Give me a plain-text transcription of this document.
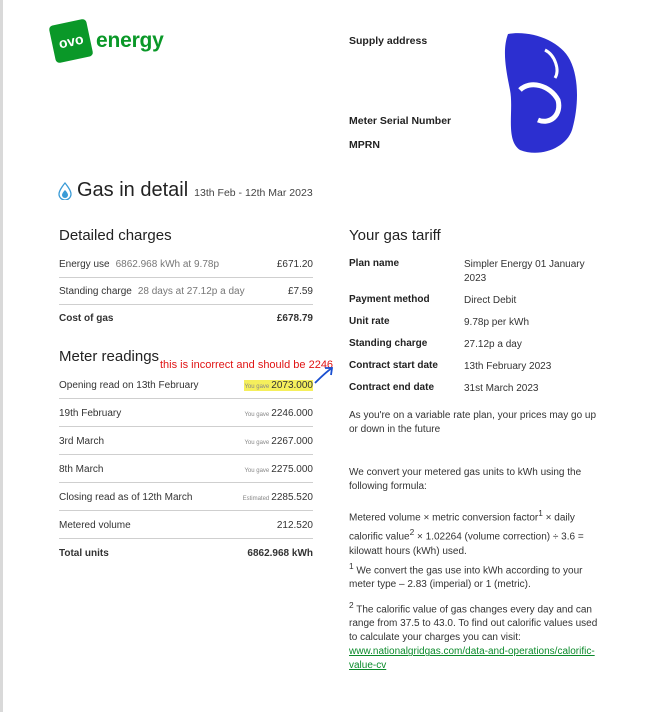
ovo energy	Supply address
Meter Serial Number
MPRN
Gas in detail 13th Feb - 12th Mar 2023
Detailed charges
Energy use 6862.968 kWh at 9.78p	£671.20
Standing charge 28 days at 27.12p a day	£7.59
Cost of gas	£678.79
Meter readings this is incorrect and should be 2246
Opening read on 13th February	You gave 2073.000
19th February	You gave 2246.000
3rd March	You gave 2267.000
8th March	You gave 2275.000
Closing read as of 12th March	Estimated 2285.520
Metered volume	212.520
Total units	6862.968 kWh
Your gas tariff
Plan name	Simpler Energy 01 January 2023
Payment method	Direct Debit
Unit rate	9.78p per kWh
Standing charge	27.12p a day
Contract start date	13th February 2023
Contract end date	31st March 2023
As you're on a variable rate plan, your prices may go up or down in the future
We convert your metered gas units to kWh using the following formula:
Metered volume × metric conversion factor$^1$ × daily calorific value$^2$ × 1.02264 (volume correction) ÷ 3.6 = kilowatt hours (kWh) used.
$^1$ We convert the gas use into kWh according to your meter type – 2.83 (imperial) or 1 (metric).
$^2$ The calorific value of gas changes every day and can range from 37.5 to 43.0. To find out calorific values used to calculate your charges you can visit:
www.nationalgridgas.com/data-and-operations/calorific-value-cv
